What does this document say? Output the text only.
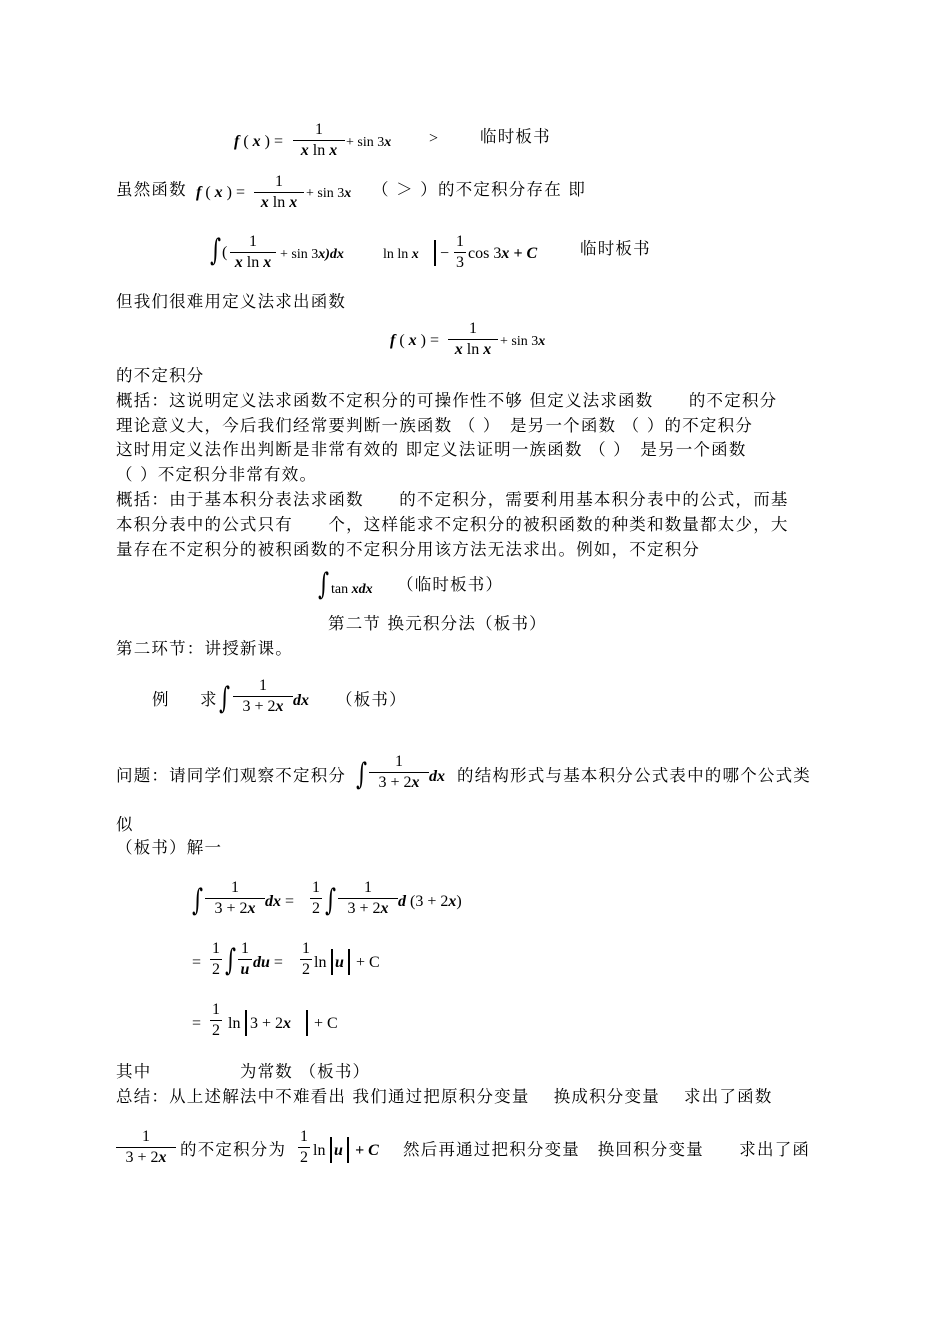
f ( x ) =
1
x ln x + sin 3x >	临时板书
虽然函数 f ( x ) =
1
x ln x
+ sin 3x （ ＞ ）的不定积分存在 即
∫ (
1
x ln x + sin 3x)dx	ln ln x −
1
3
cos 3x + C	临时板书
但我们很难用定义法求出函数
f ( x ) =
1
x ln x + sin 3x
的不定积分
概括：这说明定义法求函数不定积分的可操作性不够 但定义法求函数　　的不定积分
理论意义大，今后我们经常要判断一族函数 （ ）　是另一个函数 （ ）的不定积分
这时用定义法作出判断是非常有效的 即定义法证明一族函数 （ ）　是另一个函数
（ ）不定积分非常有效。
概括：由于基本积分表法求函数　　的不定积分，需要利用基本积分表中的公式，而基
本积分表中的公式只有　　个，这样能求不定积分的被积函数的种类和数量都太少，大
量存在不定积分的被积函数的不定积分用该方法无法求出。例如，不定积分
∫ tan xdx （临时板书）
第二节 换元积分法（板书）
第二环节：讲授新课。
例 求 ∫	1
3 + 2x dx （板书）
问题：请同学们观察不定积分 ∫	1
3 + 2x dx 的结构形式与基本积分公式表中的哪个公式类
似
（板书）解一
∫	1
3 + 2x dx =
1
2 ∫	1
3 + 2x d (3 + 2x)
=
1
2 ∫ 1
u du =
1
2 ln u + C
=
1
2 ln 3 + 2x + C
其中　　　　　为常数 （板书）
总结：从上述解法中不难看出 我们通过把原积分变量　 换成积分变量　 求出了函数
1
3 + 2x 的不定积分为
1
2 ln u + C 然后再通过把积分变量　换回积分变量　　求出了函
